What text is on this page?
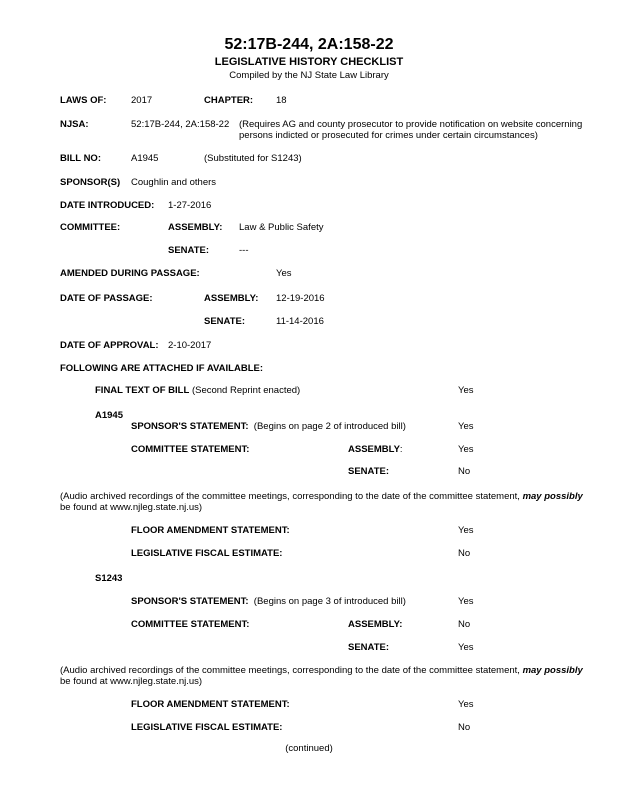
52:17B-244, 2A:158-22
LEGISLATIVE HISTORY CHECKLIST
Compiled by the NJ State Law Library
LAWS OF:	2017	CHAPTER: 18
NJSA:	52:17B-244, 2A:158-22 (Requires AG and county prosecutor to provide notification on website concerning
persons indicted or prosecuted for crimes under certain circumstances)
BILL NO:	A1945	(Substituted for S1243)
SPONSOR(S) Coughlin and others
DATE INTRODUCED: 1-27-2016
COMMITTEE:	ASSEMBLY: Law & Public Safety
SENATE:	---
AMENDED DURING PASSAGE:	Yes
DATE OF PASSAGE:	ASSEMBLY: 12-19-2016
SENATE:	11-14-2016
DATE OF APPROVAL: 2-10-2017
FOLLOWING ARE ATTACHED IF AVAILABLE:
FINAL TEXT OF BILL (Second Reprint enacted)	Yes
A1945
SPONSOR'S STATEMENT: (Begins on page 2 of introduced bill)	Yes
COMMITTEE STATEMENT:	ASSEMBLY:	Yes
SENATE:	No
(Audio archived recordings of the committee meetings, corresponding to the date of the committee statement, may possibly
be found at www.njleg.state.nj.us)
FLOOR AMENDMENT STATEMENT:	Yes
LEGISLATIVE FISCAL ESTIMATE:	No
S1243
SPONSOR'S STATEMENT: (Begins on page 3 of introduced bill)	Yes
COMMITTEE STATEMENT:	ASSEMBLY:	No
SENATE:	Yes
(Audio archived recordings of the committee meetings, corresponding to the date of the committee statement, may possibly
be found at www.njleg.state.nj.us)
FLOOR AMENDMENT STATEMENT:	Yes
LEGISLATIVE FISCAL ESTIMATE:	No
(continued)
